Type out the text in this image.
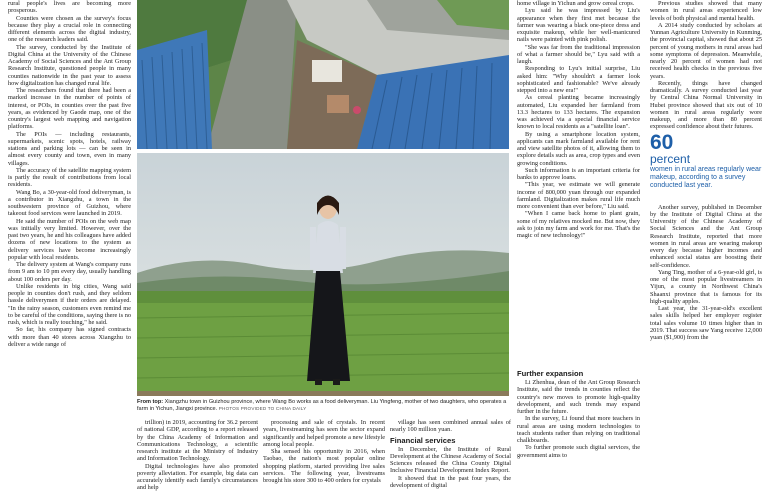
rural people's lives are becoming more prosperous.

Counties were chosen as the survey's focus because they play a crucial role in connecting different elements across the digital industry, one of the research leaders said.

The survey, conducted by the Institute of Digital China at the University of the Chinese Academy of Social Sciences and the Ant Group Research Institute, questioned people in many counties nationwide in the past year to assess how digitalization has changed rural life.

The researchers found that there had been a marked increase in the number of points of interest, or POIs, in counties over the past five years, as evidenced by Gaode map, one of the country's largest web mapping and navigation platforms.

The POIs — including restaurants, supermarkets, scenic spots, hotels, railway stations and parking lots — can be seen in almost every county and town, even in many villages.

The accuracy of the satellite mapping system is partly the result of contributions from local residents.

Wang Bo, a 30-year-old food deliveryman, is a contributor in Xiangzhu, a town in the southwestern province of Guizhou, where takeout food services were launched in 2019.

He said the number of POIs on the web map was initially very limited. However, over the past two years, he and his colleagues have added dozens of new locations to the system as delivery services have become increasingly popular with local residents.

The delivery system at Wang's company runs from 9 am to 10 pm every day, usually handling about 100 orders per day.

Unlike residents in big cities, Wang said people in counties don't rush, and they seldom hassle deliverymen if their orders are delayed. "In the rainy season, customers even remind me to be careful of the conditions, saying there is no rush, which is really touching," he said.

So far, his company has signed contracts with more than 40 stores across Xiangzhu to deliver a wide range of

From top: Xiangzhu town in Guizhou province, where Wang Bo works as a food deliveryman. Liu Yingfeng, mother of two daughters, who operates a farm in Yichun, Jiangxi province. PHOTOS PROVIDED TO CHINA DAILY

trillion) in 2019, accounting for 36.2 percent of national GDP, according to a report released by the China Academy of Information and Communications Technology, a scientific research institute at the Ministry of Industry and Information Technology.

Digital technologies have also promoted poverty alleviation. For example, big data can accurately identify each family's circumstances and help

processing and sale of crystals. In recent years, livestreaming has seen the sector expand significantly and helped promote a new lifestyle among local people.

Sha sensed his opportunity in 2016, when Taobao, the nation's most popular online shopping platform, started providing live sales services. The following year, livestreams brought his store 300 to 400 orders for crystals

village has seen combined annual sales of nearly 100 million yuan.

Financial services

In December, the Institute of Rural Development at the Chinese Academy of Social Sciences released the China County Digital Inclusive Financial Development Index Report.

It showed that in the past four years, the development of digital

home village in Yichun and grow cereal crops.

Lyu said he was impressed by Liu's appearance when they first met because the farmer was wearing a black one-piece dress and exquisite makeup, while her well-manicured nails were painted with pink polish.

"She was far from the traditional impression of what a farmer should be," Lyu said with a laugh.

Responding to Lyu's initial surprise, Liu asked him: "Why shouldn't a farmer look sophisticated and fashionable? We've already stepped into a new era!"

As cereal planting became increasingly automated, Liu expanded her farmland from 13.3 hectares to 133 hectares. The expansion was achieved via a special financial service known to local residents as a "satellite loan".

By using a smartphone location system, applicants can mark farmland available for rent and view satellite photos of it, allowing them to explore details such as area, crop types and even growing conditions.

Such information is an important criteria for banks to approve loans.

"This year, we estimate we will generate income of 800,000 yuan through our expanded farmland. Digitalization makes rural life much more convenient than ever before," Liu said.

"When I came back home to plant grain, some of my relatives mocked me. But now, they ask to join my farm and work for me. That's the magic of new technology!"

Further expansion

Li Zhenhua, dean of the Ant Group Research Institute, said the trends in counties reflect the country's new moves to promote high-quality development, and such trends may expand further in the future.

In the survey, Li found that more teachers in rural areas are using modern technologies to teach students rather than relying on traditional chalkboards.

To further promote such digital services, the government aims to

Previous studies showed that many women in rural areas experienced low levels of both physical and mental health.

A 2014 study conducted by scholars at Yunnan Agriculture University in Kunming, the provincial capital, showed that about 25 percent of young mothers in rural areas had some symptoms of depression. Meanwhile, nearly 20 percent of women had not received health checks in the previous five years.

Recently, things have changed dramatically. A survey conducted last year by Central China Normal University in Hubei province showed that six out of 10 women in rural areas regularly wore makeup, and more than 80 percent expressed confidence about their futures.

60
percent
women in rural areas regularly wear makeup, according to a survey conducted last year.

Another survey, published in December by the Institute of Digital China at the University of the Chinese Academy of Social Sciences and the Ant Group Research Institute, reported that more women in rural areas are wearing makeup every day because higher incomes and enhanced social status are boosting their self-confidence.

Yang Ting, mother of a 6-year-old girl, is one of the most popular livestreamers in Yijun, a county in Northwest China's Shaanxi province that is famous for its high-quality apples.

Last year, the 31-year-old's excellent sales skills helped her employer register total sales volume 10 times higher than in 2019. That success saw Yang receive 12,000 yuan ($1,900) from the
